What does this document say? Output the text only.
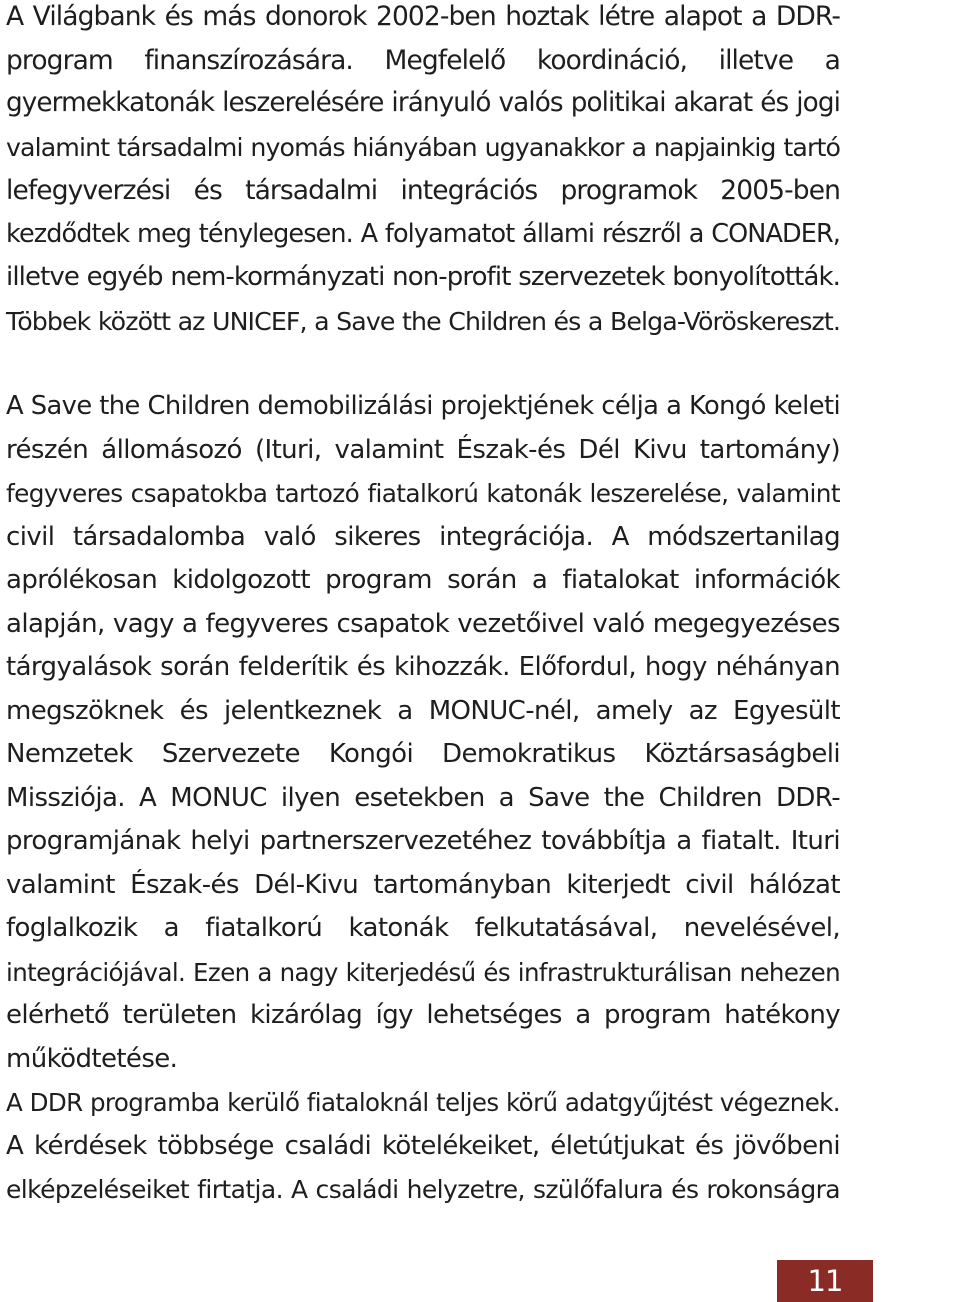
A Világbank és más donorok 2002-ben hoztak létre alapot a DDR-
program finanszírozására. Megfelelő koordináció, illetve a
gyermekkatonák leszerelésére irányuló valós politikai akarat és jogi
valamint társadalmi nyomás hiányában ugyanakkor a napjainkig tartó
lefegyverzési és társadalmi integrációs programok 2005-ben
kezdődtek meg ténylegesen. A folyamatot állami részről a CONADER,
illetve egyéb nem-kormányzati non-profit szervezetek bonyolították.
Többek között az UNICEF, a Save the Children és a Belga-Vöröskereszt.
A Save the Children demobilizálási projektjének célja a Kongó keleti
részén állomásozó (Ituri, valamint Észak-és Dél Kivu tartomány)
fegyveres csapatokba tartozó fiatalkorú katonák leszerelése, valamint
civil társadalomba való sikeres integrációja. A módszertanilag
aprólékosan kidolgozott program során a fiatalokat információk
alapján, vagy a fegyveres csapatok vezetőivel való megegyezéses
tárgyalások során felderítik és kihozzák. Előfordul, hogy néhányan
megszöknek és jelentkeznek a MONUC-nél, amely az Egyesült
Nemzetek Szervezete Kongói Demokratikus Köztársaságbeli
Missziója. A MONUC ilyen esetekben a Save the Children DDR-
programjának helyi partnerszervezetéhez továbbítja a fiatalt. Ituri
valamint Észak-és Dél-Kivu tartományban kiterjedt civil hálózat
foglalkozik a fiatalkorú katonák felkutatásával, nevelésével,
integrációjával. Ezen a nagy kiterjedésű és infrastrukturálisan nehezen
elérhető területen kizárólag így lehetséges a program hatékony
működtetése.
A DDR programba kerülő fiataloknál teljes körű adatgyűjtést végeznek.
A kérdések többsége családi kötelékeiket, életútjukat és jövőbeni
elképzeléseiket firtatja. A családi helyzetre, szülőfalura és rokonságra
11
